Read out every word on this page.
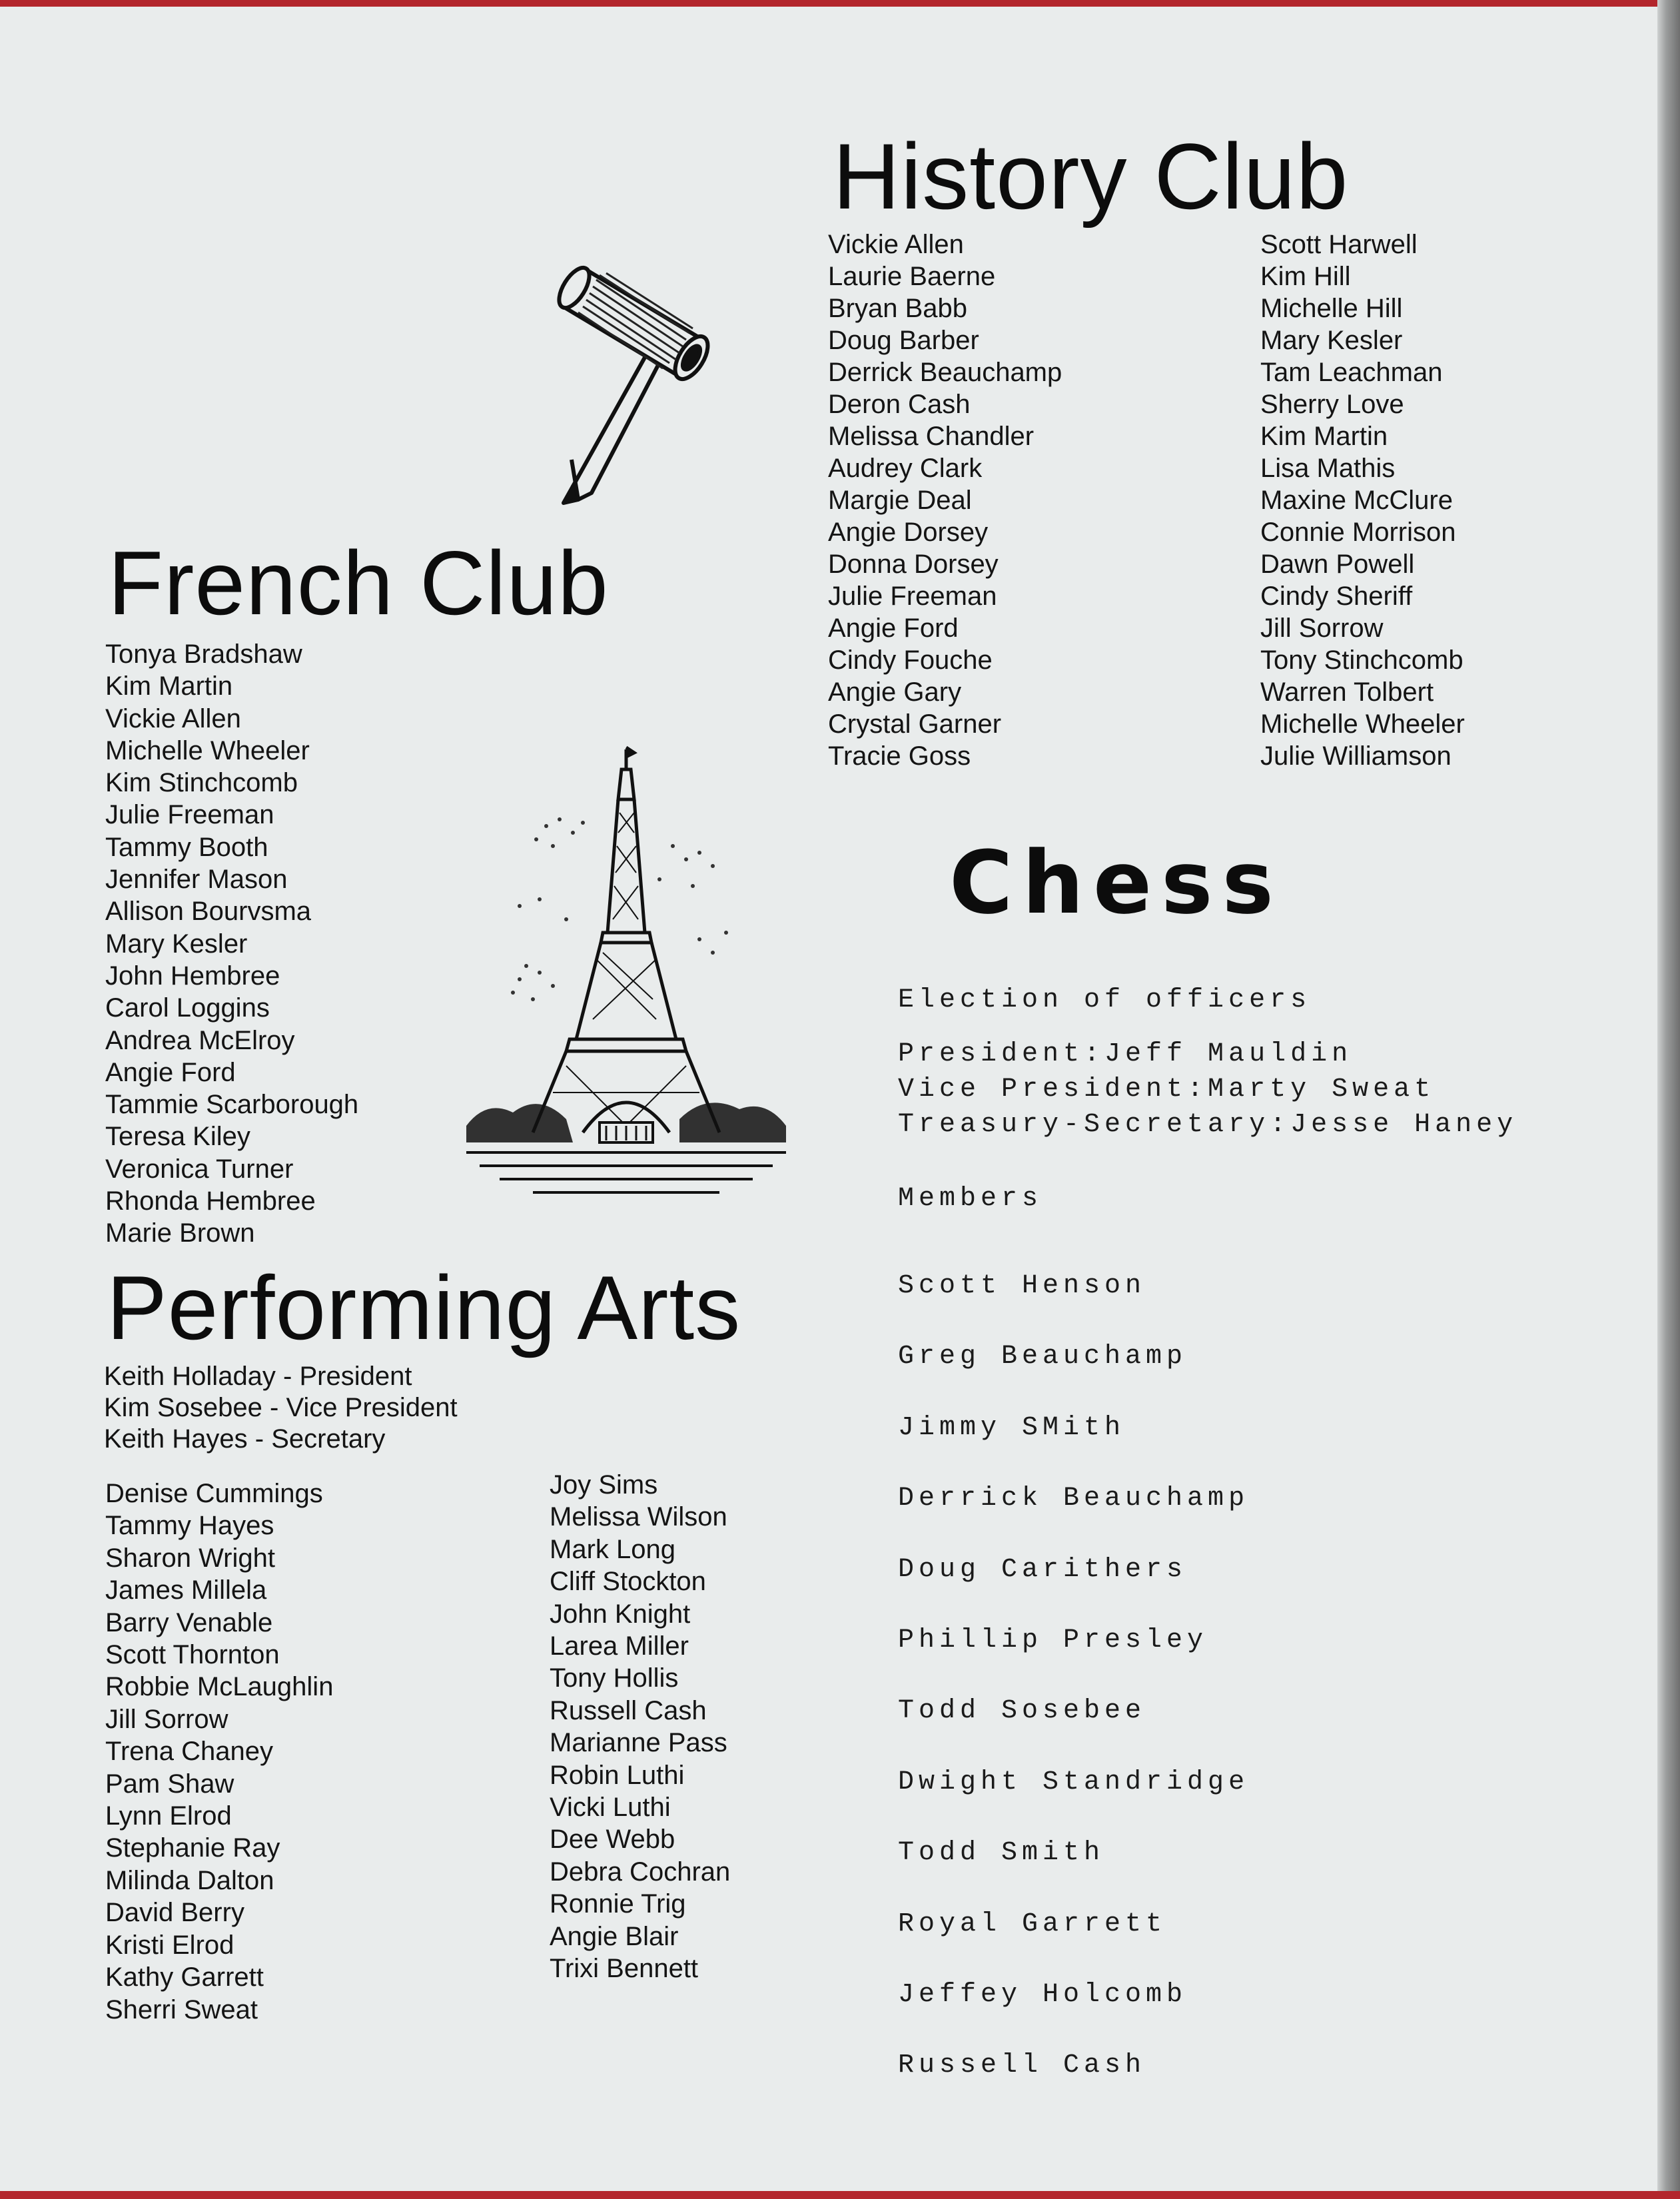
History Club
Vickie Allen
Laurie Baerne
Bryan Babb
Doug Barber
Derrick Beauchamp
Deron Cash
Melissa Chandler
Audrey Clark
Margie Deal
Angie Dorsey
Donna Dorsey
Julie Freeman
Angie Ford
Cindy Fouche
Angie Gary
Crystal Garner
Tracie Goss
Scott Harwell
Kim Hill
Michelle Hill
Mary Kesler
Tam Leachman
Sherry Love
Kim Martin
Lisa Mathis
Maxine McClure
Connie Morrison
Dawn Powell
Cindy Sheriff
Jill Sorrow
Tony Stinchcomb
Warren Tolbert
Michelle Wheeler
Julie Williamson
French Club
Tonya Bradshaw
Kim Martin
Vickie Allen
Michelle Wheeler
Kim Stinchcomb
Julie Freeman
Tammy Booth
Jennifer Mason
Allison Bourvsma
Mary Kesler
John Hembree
Carol Loggins
Andrea McElroy
Angie Ford
Tammie Scarborough
Teresa Kiley
Veronica Turner
Rhonda Hembree
Marie Brown
Performing Arts
Keith Holladay - President
Kim Sosebee - Vice President
Keith Hayes - Secretary
Denise Cummings
Tammy Hayes
Sharon Wright
James Millela
Barry Venable
Scott Thornton
Robbie McLaughlin
Jill Sorrow
Trena Chaney
Pam Shaw
Lynn Elrod
Stephanie Ray
Milinda Dalton
David Berry
Kristi Elrod
Kathy Garrett
Sherri Sweat
Joy Sims
Melissa Wilson
Mark Long
Cliff Stockton
John Knight
Larea Miller
Tony Hollis
Russell Cash
Marianne Pass
Robin Luthi
Vicki Luthi
Dee Webb
Debra Cochran
Ronnie Trig
Angie Blair
Trixi Bennett
Chess

Election of officers

President:Jeff Mauldin
Vice President:Marty Sweat
Treasury-Secretary:Jesse Haney

Members

Scott Henson
Greg Beauchamp
Jimmy SMith
Derrick Beauchamp
Doug Carithers
Phillip Presley
Todd Sosebee
Dwight Standridge
Todd Smith
Royal Garrett
Jeffey Holcomb
Russell Cash
